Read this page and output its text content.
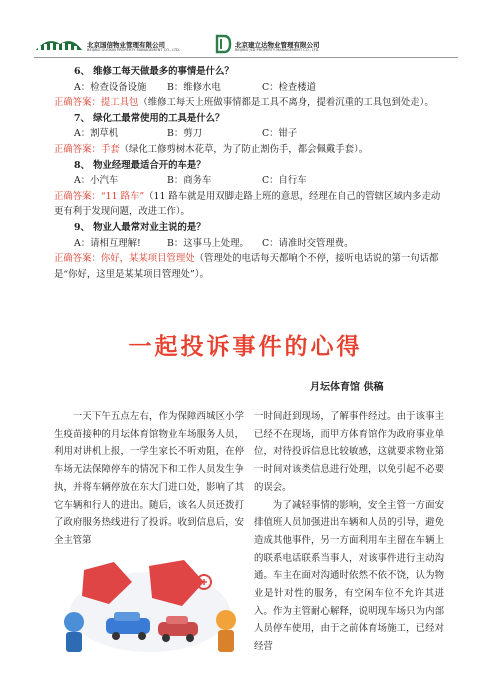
北京国信物业管理有限公司
BEIJING GUOXIN PROPERTY MANAGEMENT CO., LTD.
北京建立达物业管理有限公司
BEIJING JLD PROPERTY MANAGEMENT CO., LTD.
6、 维修工每天做最多的事情是什么？
A：检查设备设施	B：维修水电	C：检查楼道
正确答案：提工具包（维修工每天上班做事情都是工具不离身，提着沉重的工具包到处走）。
7、 绿化工最常使用的工具是什么？
A：割草机	B：剪刀	C：钳子
正确答案：手套（绿化工修剪树木花草，为了防止割伤手，都会佩戴手套）。
8、 物业经理最适合开的车是？
A：小汽车	B：商务车	C：自行车
正确答案：“11 路车”（11 路车就是用双脚走路上班的意思，经理在自己的管辖区域内多走动更有利于发现问题，改进工作）。
9、 物业人最常对业主说的是？
A：请相互理解!	B：这事马上处理。	C：请准时交管理费。
正确答案：你好，某某项目管理处（管理处的电话每天都响个不停，接听电话说的第一句话都是“你好，这里是某某项目管理处”）。
一起投诉事件的心得
月坛体育馆 供稿

一天下午五点左右，作为保障西城区小学生疫苗接种的月坛体育馆物业车场服务人员，利用对讲机上报，一学生家长不听劝阻，在停车场无法保障停车的情况下和工作人员发生争执，并将车辆停放在东大门进口处，影响了其它车辆和行人的进出。随后，该名人员还拨打了政府服务热线进行了投诉。收到信息后，安全主管第

一时间赶到现场，了解事件经过。由于该事主已经不在现场，而甲方体育馆作为政府事业单位，对待投诉信息比较敏感，这就要求物业第一时间对该类信息进行处理，以免引起不必要的误会。

为了减轻事情的影响，安全主管一方面安排值班人员加强进出车辆和人员的引导，避免造成其他事件，另一方面利用车主留在车辆上的联系电话联系当事人，对该事件进行主动沟通。车主在面对沟通时依然不依不饶，认为物业是针对性的服务，有空闲车位不允许其进入。作为主管耐心解释，说明现车场只为内部人员停车使用，由于之前体育场施工，已经对经营
